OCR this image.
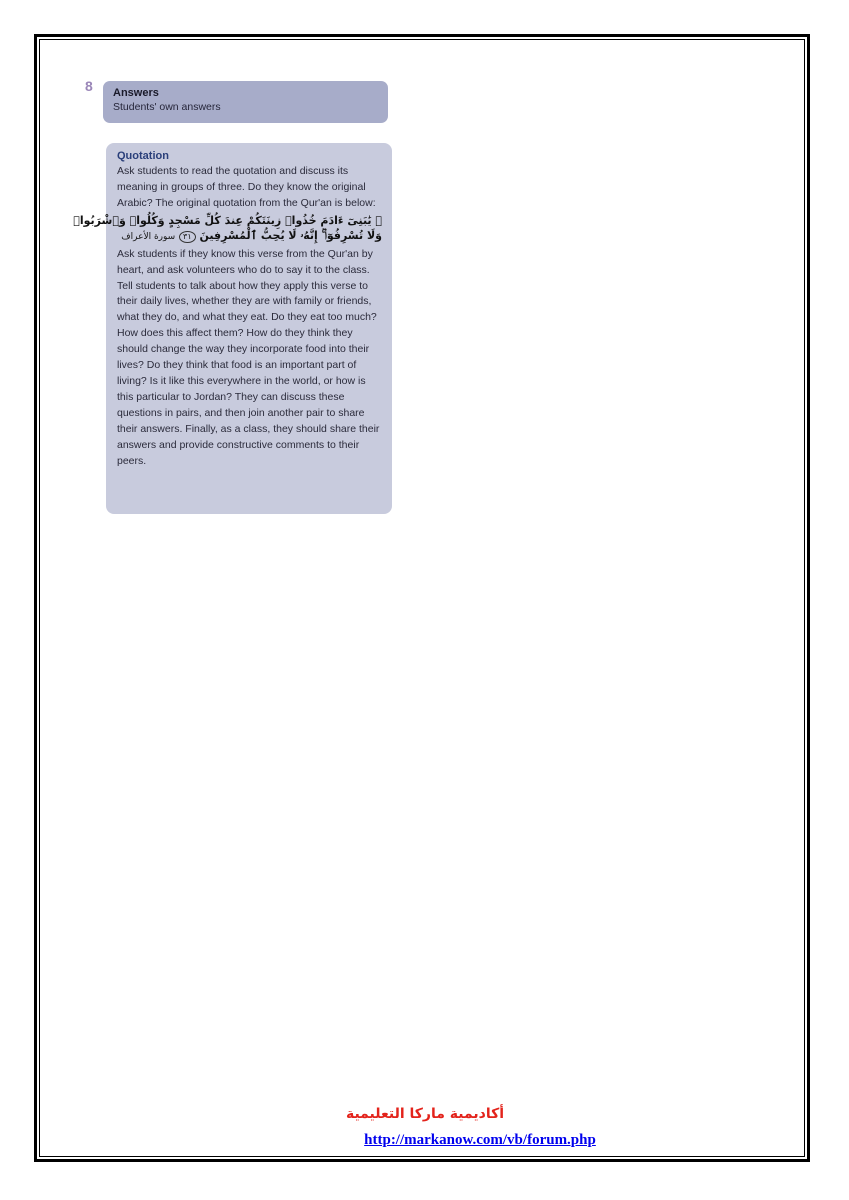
8 Answers
Students' own answers
Quotation
Ask students to read the quotation and discuss its meaning in groups of three. Do they know the original Arabic? The original quotation from the Qur'an is below:
۞ يَٰبَنِىٓ ءَادَمَ خُذُوا۟ زِينَتَكُمْ عِندَ كُلِّ مَسْجِدٍ وَكُلُوا۟ وَٱشْرَبُوا۟
وَلَا تُسْرِفُوٓا۟ ۚ إِنَّهُۥ لَا يُحِبُّ ٱلْمُسْرِفِينَ ٣١ سورة الأعراف
Ask students if they know this verse from the Qur'an by heart, and ask volunteers who do to say it to the class. Tell students to talk about how they apply this verse to their daily lives, whether they are with family or friends, what they do, and what they eat. Do they eat too much? How does this affect them? How do they think they should change the way they incorporate food into their lives? Do they think that food is an important part of living? Is it like this everywhere in the world, or how is this particular to Jordan? They can discuss these questions in pairs, and then join another pair to share their answers. Finally, as a class, they should share their answers and provide constructive comments to their peers.
أكاديمية ماركا التعليمية
http://markanow.com/vb/forum.php
